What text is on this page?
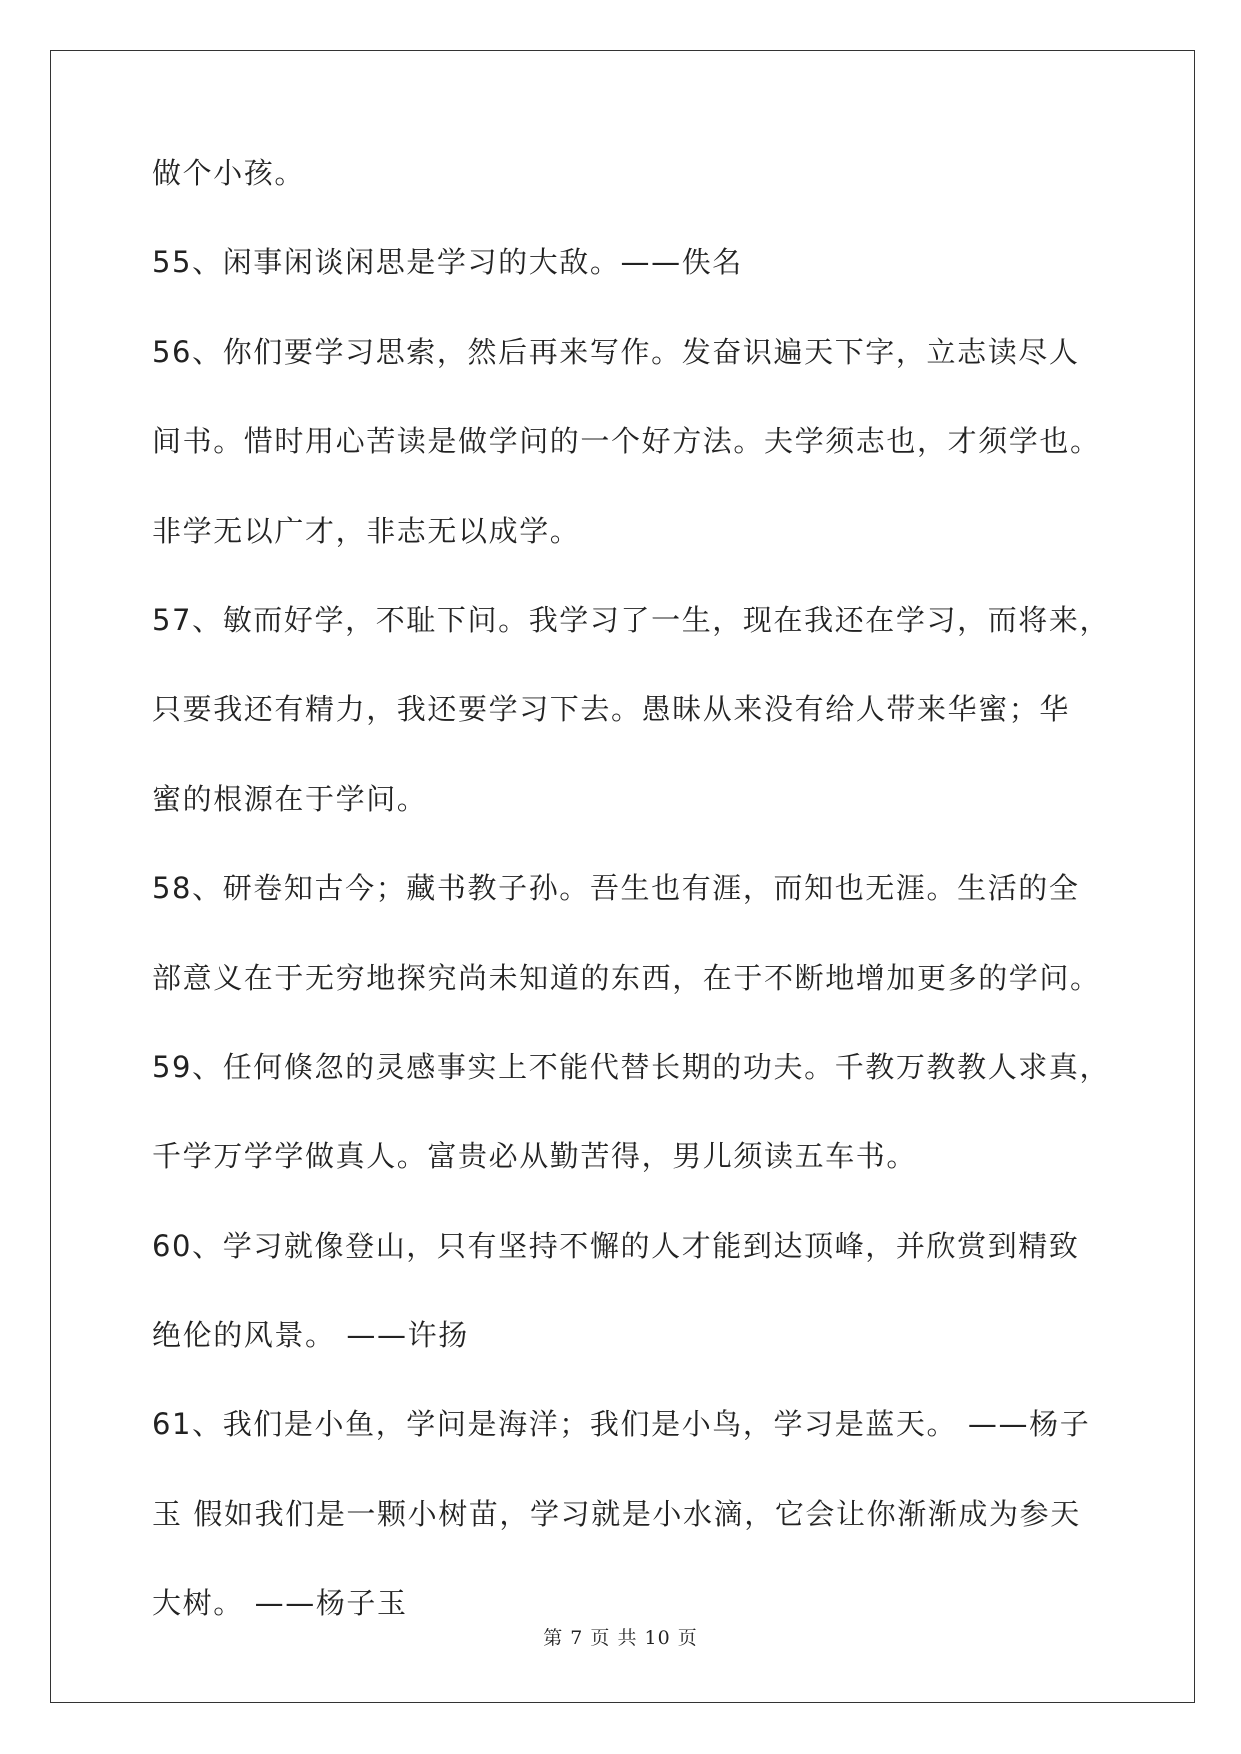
做个小孩。
55、闲事闲谈闲思是学习的大敌。——佚名
56、你们要学习思索，然后再来写作。发奋识遍天下字，立志读尽人
间书。惜时用心苦读是做学问的一个好方法。夫学须志也，才须学也。
非学无以广才，非志无以成学。
57、敏而好学，不耻下问。我学习了一生，现在我还在学习，而将来，
只要我还有精力，我还要学习下去。愚昧从来没有给人带来华蜜；华
蜜的根源在于学问。
58、研卷知古今；藏书教子孙。吾生也有涯，而知也无涯。生活的全
部意义在于无穷地探究尚未知道的东西，在于不断地增加更多的学问。
59、任何倏忽的灵感事实上不能代替长期的功夫。千教万教教人求真，
千学万学学做真人。富贵必从勤苦得，男儿须读五车书。
60、学习就像登山，只有坚持不懈的人才能到达顶峰，并欣赏到精致
绝伦的风景。 ——许扬
61、我们是小鱼，学问是海洋；我们是小鸟，学习是蓝天。 ——杨子
玉 假如我们是一颗小树苗，学习就是小水滴，它会让你渐渐成为参天
大树。 ——杨子玉
第 7 页 共 10 页
